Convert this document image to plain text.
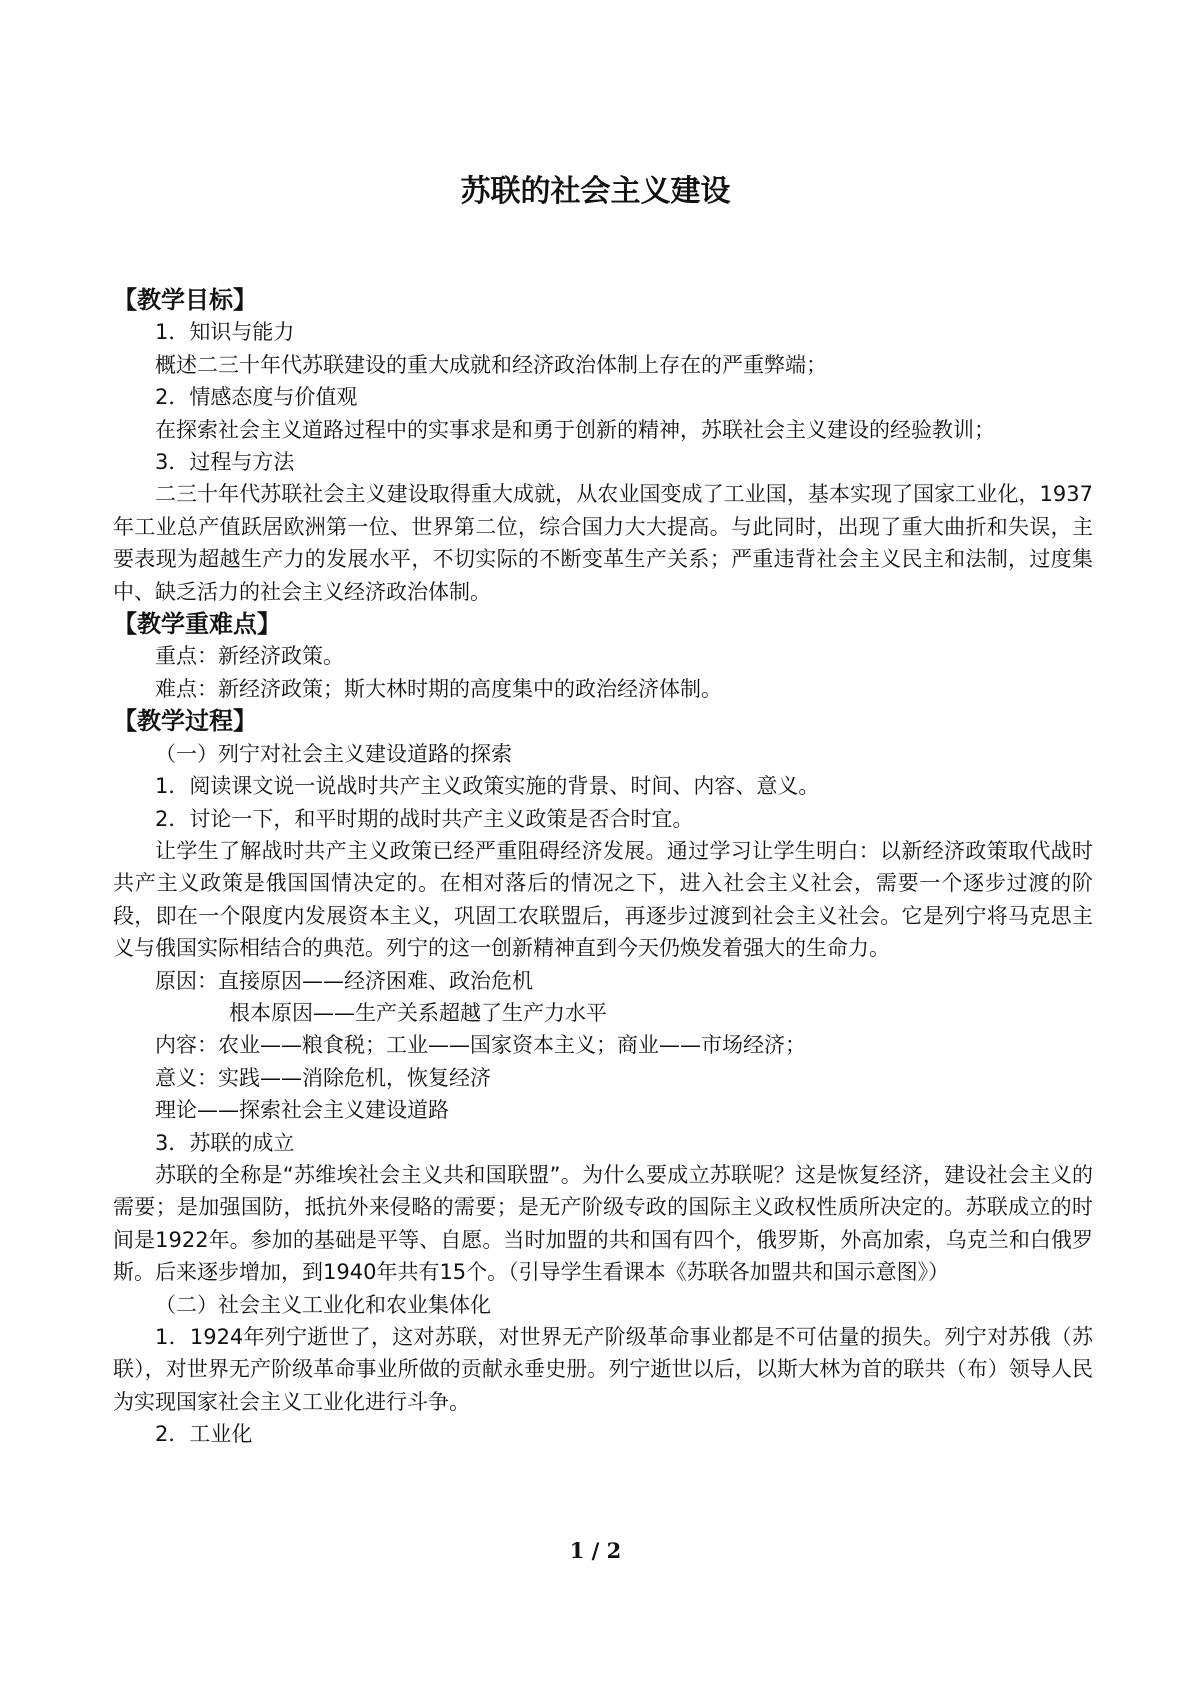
苏联的社会主义建设
【教学目标】
1．知识与能力
概述二三十年代苏联建设的重大成就和经济政治体制上存在的严重弊端；
2．情感态度与价值观
在探索社会主义道路过程中的实事求是和勇于创新的精神，苏联社会主义建设的经验教训；
3．过程与方法
二三十年代苏联社会主义建设取得重大成就，从农业国变成了工业国，基本实现了国家工业化，1937年工业总产值跃居欧洲第一位、世界第二位，综合国力大大提高。与此同时，出现了重大曲折和失误，主要表现为超越生产力的发展水平，不切实际的不断变革生产关系；严重违背社会主义民主和法制，过度集中、缺乏活力的社会主义经济政治体制。
【教学重难点】
重点：新经济政策。
难点：新经济政策；斯大林时期的高度集中的政治经济体制。
【教学过程】
（一）列宁对社会主义建设道路的探索
1．阅读课文说一说战时共产主义政策实施的背景、时间、内容、意义。
2．讨论一下，和平时期的战时共产主义政策是否合时宜。
让学生了解战时共产主义政策已经严重阻碍经济发展。通过学习让学生明白：以新经济政策取代战时共产主义政策是俄国国情决定的。在相对落后的情况之下，进入社会主义社会，需要一个逐步过渡的阶段，即在一个限度内发展资本主义，巩固工农联盟后，再逐步过渡到社会主义社会。它是列宁将马克思主义与俄国实际相结合的典范。列宁的这一创新精神直到今天仍焕发着强大的生命力。
原因：直接原因——经济困难、政治危机
根本原因——生产关系超越了生产力水平
内容：农业——粮食税；工业——国家资本主义；商业——市场经济；
意义：实践——消除危机，恢复经济
理论——探索社会主义建设道路
3．苏联的成立
苏联的全称是“苏维埃社会主义共和国联盟”。为什么要成立苏联呢？这是恢复经济，建设社会主义的需要；是加强国防，抵抗外来侵略的需要；是无产阶级专政的国际主义政权性质所决定的。苏联成立的时间是1922年。参加的基础是平等、自愿。当时加盟的共和国有四个，俄罗斯，外高加索，乌克兰和白俄罗斯。后来逐步增加，到1940年共有15个。（引导学生看课本《苏联各加盟共和国示意图》）
（二）社会主义工业化和农业集体化
1．1924年列宁逝世了，这对苏联，对世界无产阶级革命事业都是不可估量的损失。列宁对苏俄（苏联），对世界无产阶级革命事业所做的贡献永垂史册。列宁逝世以后，以斯大林为首的联共（布）领导人民为实现国家社会主义工业化进行斗争。
2．工业化
1 / 2
